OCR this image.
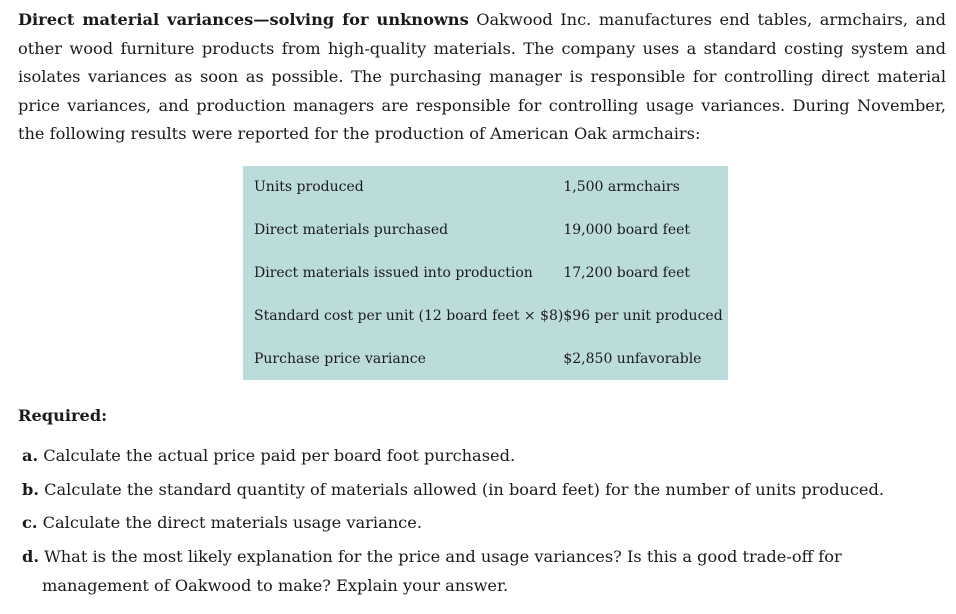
Direct material variances—solving for unknowns Oakwood Inc. manufactures end tables, armchairs, and other wood furniture products from high-quality materials. The company uses a standard costing system and isolates variances as soon as possible. The purchasing manager is responsible for controlling direct material price variances, and production managers are responsible for controlling usage variances. During November, the following results were reported for the production of American Oak armchairs:

Units produced	1,500 armchairs
Direct materials purchased	19,000 board feet
Direct materials issued into production	17,200 board feet
Standard cost per unit (12 board feet × $8)	$96 per unit produced
Purchase price variance	$2,850 unfavorable

Required:

a. Calculate the actual price paid per board foot purchased.
b. Calculate the standard quantity of materials allowed (in board feet) for the number of units produced.
c. Calculate the direct materials usage variance.
d. What is the most likely explanation for the price and usage variances? Is this a good trade-off for management of Oakwood to make? Explain your answer.
